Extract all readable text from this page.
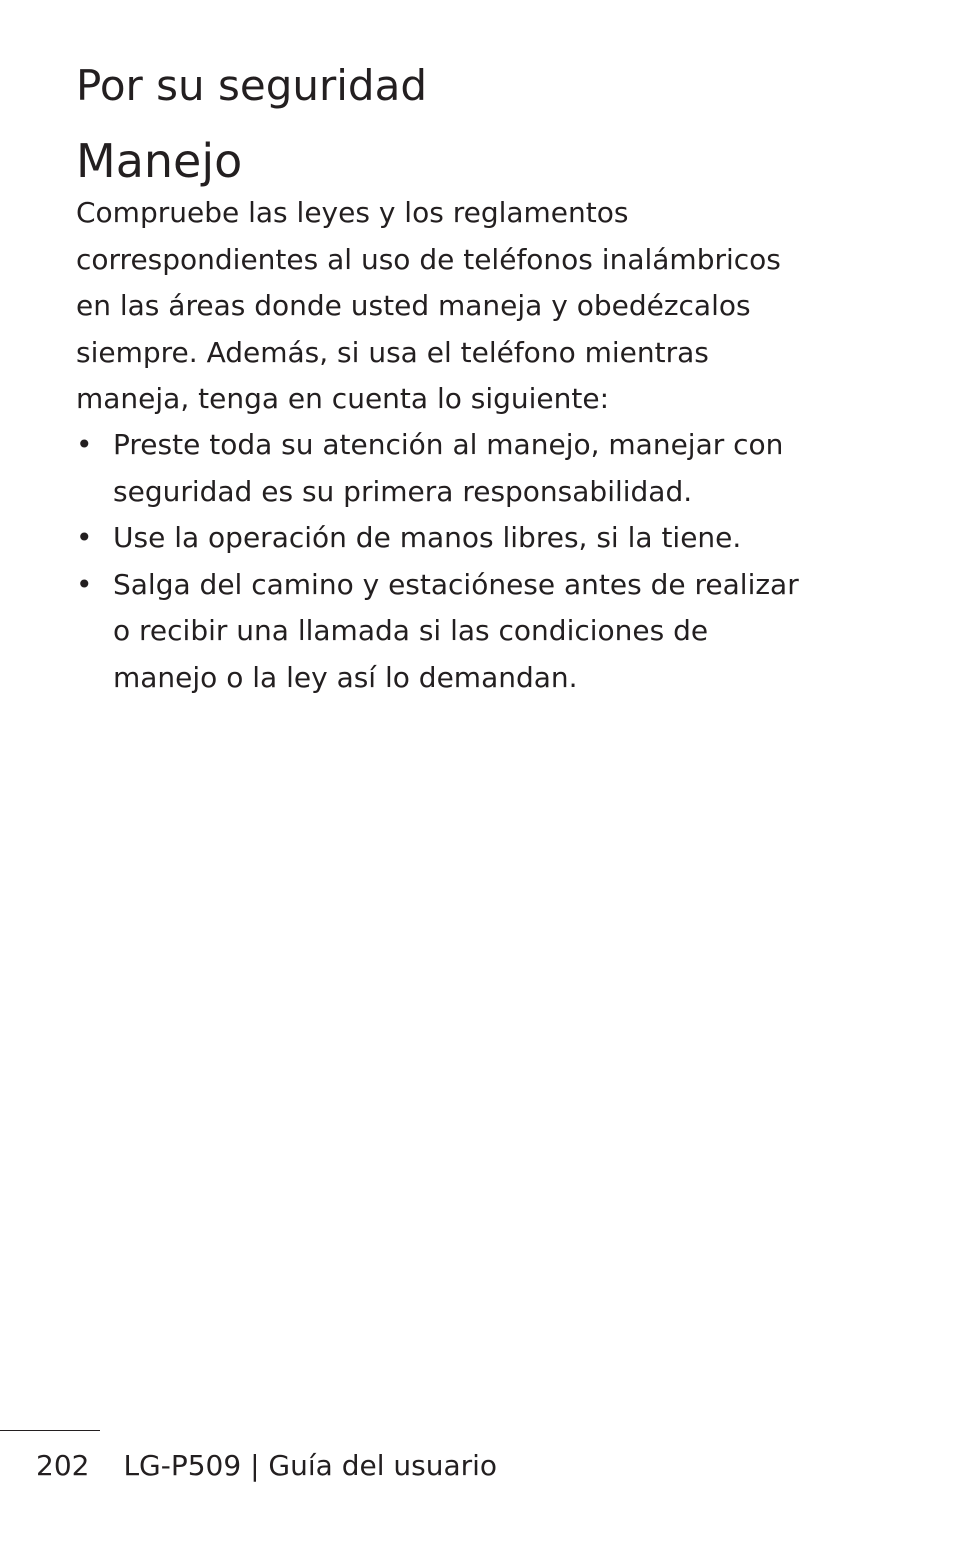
Por su seguridad
Manejo

Compruebe las leyes y los reglamentos
correspondientes al uso de teléfonos inalámbricos
en las áreas donde usted maneja y obedézcalos
siempre. Además, si usa el teléfono mientras
maneja, tenga en cuenta lo siguiente:

• Preste toda su atención al manejo, manejar con
seguridad es su primera responsabilidad.
• Use la operación de manos libres, si la tiene.
• Salga del camino y estaciónese antes de realizar
o recibir una llamada si las condiciones de
manejo o la ley así lo demandan.
202 LG-P509 | Guía del usuario
